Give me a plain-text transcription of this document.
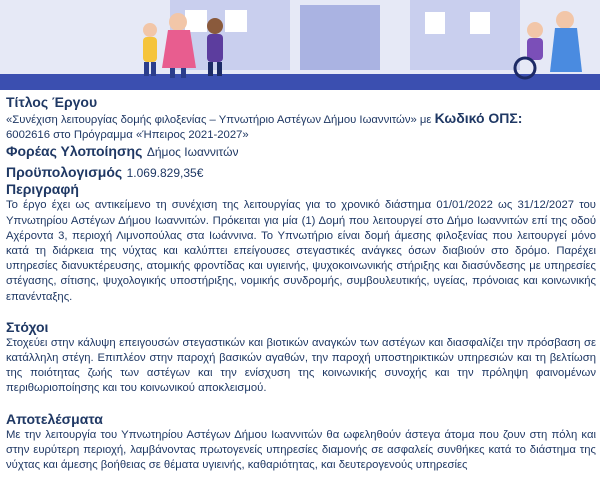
Τίτλος Έργου

«Συνέχιση λειτουργίας δομής φιλοξενίας – Υπνωτήριο Αστέγων Δήμου Ιωαννιτών» με Κωδικό ΟΠΣ:
6002616 στο Πρόγραμμα «Ήπειρος 2021-2027»

Φορέας Υλοποίησης Δήμος Ιωαννιτών

Προϋπολογισμός 1.069.829,35€

Περιγραφή

Το έργο έχει ως αντικείμενο τη συνέχιση της λειτουργίας για το χρονικό διάστημα 01/01/2022 ως 31/12/2027 του Υπνωτηρίου Αστέγων Δήμου Ιωαννιτών. Πρόκειται για μία (1) Δομή που λειτουργεί στο Δήμο Ιωαννιτών επί της οδού Αχέροντα 3, περιοχή Λιμνοπούλας στα Ιωάννινα. Το Υπνωτήριο είναι δομή άμεσης φιλοξενίας που λειτουργεί μόνο κατά τη διάρκεια της νύχτας και καλύπτει επείγουσες στεγαστικές ανάγκες όσων διαβιούν στο δρόμο. Παρέχει υπηρεσίες διανυκτέρευσης, ατομικής φροντίδας και υγιεινής, ψυχοκοινωνικής στήριξης και διασύνδεσης με υπηρεσίες στέγασης, σίτισης, ψυχολογικής υποστήριξης, νομικής συνδρομής, συμβουλευτικής, υγείας, πρόνοιας και κοινωνικής επανένταξης.

Στόχοι

Στοχεύει στην κάλυψη επειγουσών στεγαστικών και βιοτικών αναγκών των αστέγων και διασφαλίζει την πρόσβαση σε κατάλληλη στέγη. Επιπλέον στην παροχή βασικών αγαθών, την παροχή υποστηρικτικών υπηρεσιών και τη βελτίωση της ποιότητας ζωής των αστέγων και την ενίσχυση της κοινωνικής συνοχής και την πρόληψη φαινομένων περιθωριοποίησης και του κοινωνικού αποκλεισμού.

Αποτελέσματα

Με την λειτουργία του Υπνωτηρίου Αστέγων Δήμου Ιωαννιτών θα ωφεληθούν άστεγα άτομα που ζουν στη πόλη και στην ευρύτερη περιοχή, λαμβάνοντας πρωτογενείς υπηρεσίες διαμονής σε ασφαλείς συνθήκες κατά το διάστημα της νύχτας και άμεσης βοήθειας σε θέματα υγιεινής, καθαριότητας, και δευτερογενούς υπηρεσίες
